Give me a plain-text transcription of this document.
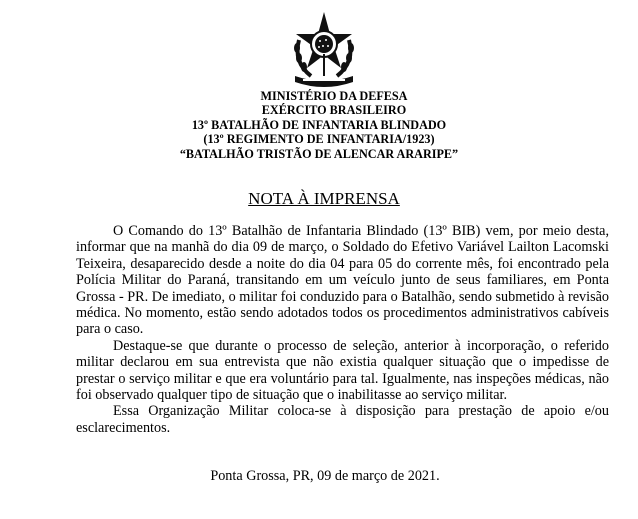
MINISTÉRIO DA DEFESA
EXÉRCITO BRASILEIRO
13º BATALHÃO DE INFANTARIA BLINDADO
(13º REGIMENTO DE INFANTARIA/1923)
“BATALHÃO TRISTÃO DE ALENCAR ARARIPE”
NOTA À IMPRENSA

O Comando do 13º Batalhão de Infantaria Blindado (13º BIB) vem, por meio desta, informar que na manhã do dia 09 de março, o Soldado do Efetivo Variável Lailton Lacomski Teixeira, desaparecido desde a noite do dia 04 para 05 do corrente mês, foi encontrado pela Polícia Militar do Paraná, transitando em um veículo junto de seus familiares, em Ponta Grossa - PR. De imediato, o militar foi conduzido para o Batalhão, sendo submetido à revisão médica. No momento, estão sendo adotados todos os procedimentos administrativos cabíveis para o caso.

Destaque-se que durante o processo de seleção, anterior à incorporação, o referido militar declarou em sua entrevista que não existia qualquer situação que o impedisse de prestar o serviço militar e que era voluntário para tal. Igualmente, nas inspeções médicas, não foi observado qualquer tipo de situação que o inabilitasse ao serviço militar.

Essa Organização Militar coloca-se à disposição para prestação de apoio e/ou esclarecimentos.

Ponta Grossa, PR, 09 de março de 2021.
